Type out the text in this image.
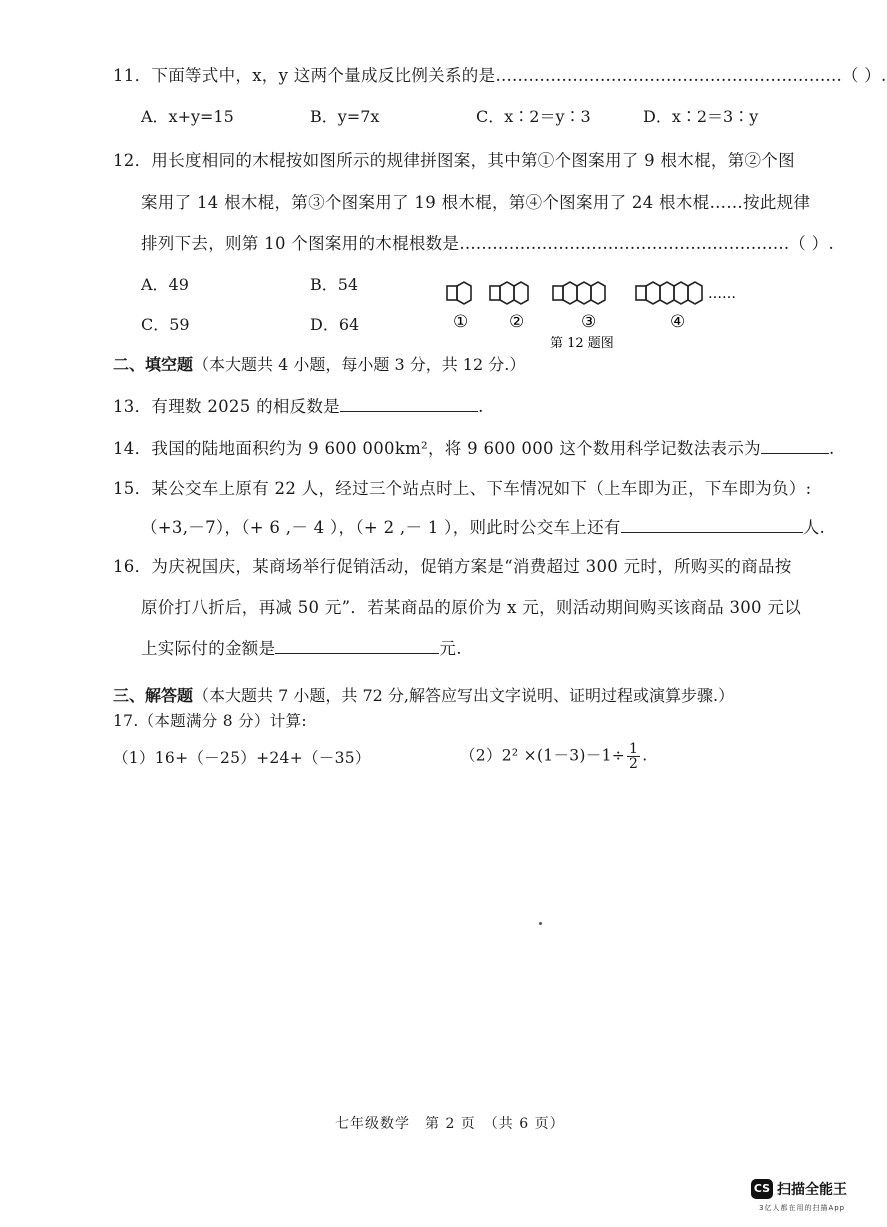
11．下面等式中，x，y 这两个量成反比例关系的是………………………………………………………（ ）.
A．x+y=15	B．y=7x	C．x∶2＝y∶3	D．x∶2＝3∶y
12．用长度相同的木棍按如图所示的规律拼图案，其中第①个图案用了 9 根木棍，第②个图
案用了 14 根木棍，第③个图案用了 19 根木棍，第④个图案用了 24 根木棍……按此规律
排列下去，则第 10 个图案用的木棍根数是……………………………………………………（ ）.
A．49	B．54
C．59	D．64
……
① ②	③	④
第 12 题图
二、填空题（本大题共 4 小题，每小题 3 分，共 12 分.）
13．有理数 2025 的相反数是	.
14．我国的陆地面积约为 9 600 000km²，将 9 600 000 这个数用科学记数法表示为	.
15．某公交车上原有 22 人，经过三个站点时上、下车情况如下（上车即为正，下车即为负）:
（+3,－7），（+ 6 ,－ 4 ），（+ 2 ,－ 1 ），则此时公交车上还有	人.
16．为庆祝国庆，某商场举行促销活动，促销方案是“消费超过 300 元时，所购买的商品按
原价打八折后，再减 50 元”．若某商品的原价为 x 元，则活动期间购买该商品 300 元以
上实际付的金额是	元.
三、解答题（本大题共 7 小题，共 72 分,解答应写出文字说明、证明过程或演算步骤.）
17.（本题满分 8 分）计算:
（1）16+（－25）+24+（－35）	$(2)2^2 \times(1-3)-1\div \frac{1}{2}$ .
七年级数学　第 2 页　（共 6 页）
CS 扫描全能王
3亿人都在用的扫描App
